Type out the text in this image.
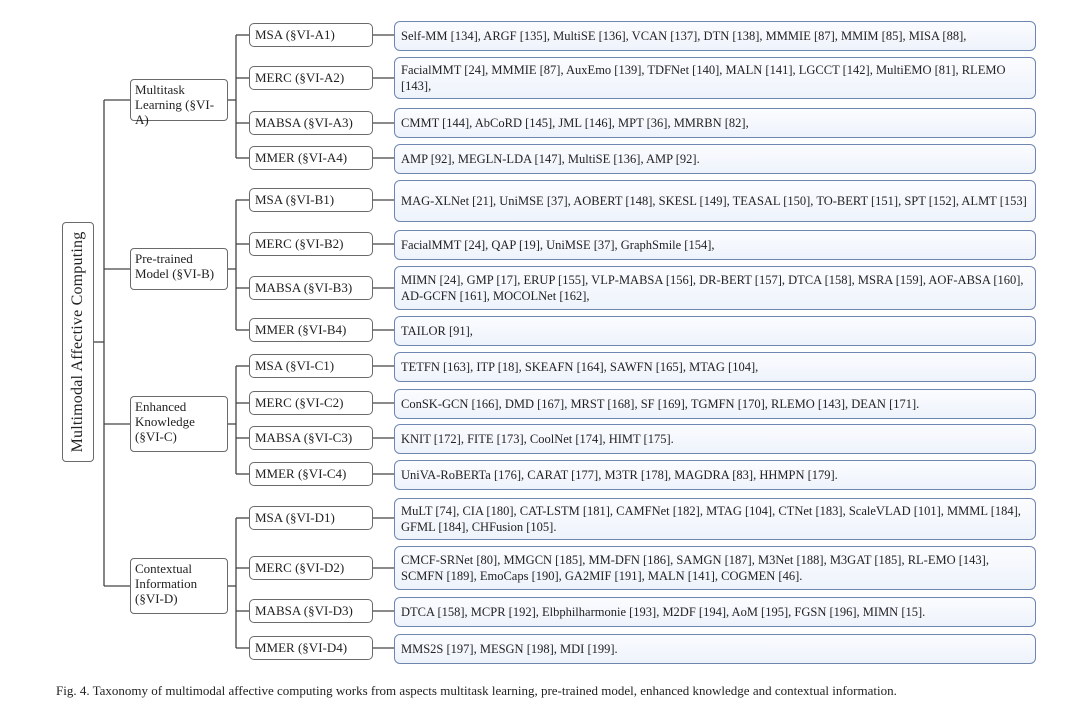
Multimodal Affective Computing
Multitask Learning (§VI-A)
MSA (§VI-A1)	Self-MM [134], ARGF [135], MultiSE [136], VCAN [137], DTN [138], MMMIE [87], MMIM [85], MISA [88],
MERC (§VI-A2)	FacialMMT [24], MMMIE [87], AuxEmo [139], TDFNet [140], MALN [141], LGCCT [142], MultiEMO [81], RLEMO [143],
MABSA (§VI-A3)	CMMT [144], AbCoRD [145], JML [146], MPT [36], MMRBN [82],
MMER (§VI-A4)	AMP [92], MEGLN-LDA [147], MultiSE [136], AMP [92].
Pre-trained Model (§VI-B)
MSA (§VI-B1)	MAG-XLNet [21], UniMSE [37], AOBERT [148], SKESL [149], TEASAL [150], TO-BERT [151], SPT [152], ALMT [153]
MERC (§VI-B2)	FacialMMT [24], QAP [19], UniMSE [37], GraphSmile [154],
MABSA (§VI-B3)	MIMN [24], GMP [17], ERUP [155], VLP-MABSA [156], DR-BERT [157], DTCA [158], MSRA [159], AOF-ABSA [160], AD-GCFN [161], MOCOLNet [162],
MMER (§VI-B4)	TAILOR [91],
Enhanced Knowledge (§VI-C)
MSA (§VI-C1)	TETFN [163], ITP [18], SKEAFN [164], SAWFN [165], MTAG [104],
MERC (§VI-C2)	ConSK-GCN [166], DMD [167], MRST [168], SF [169], TGMFN [170], RLEMO [143], DEAN [171].
MABSA (§VI-C3)	KNIT [172], FITE [173], CoolNet [174], HIMT [175].
MMER (§VI-C4)	UniVA-RoBERTa [176], CARAT [177], M3TR [178], MAGDRA [83], HHMPN [179].
Contextual Information (§VI-D)
MSA (§VI-D1)	MuLT [74], CIA [180], CAT-LSTM [181], CAMFNet [182], MTAG [104], CTNet [183], ScaleVLAD [101], MMML [184], GFML [184], CHFusion [105].
MERC (§VI-D2)	CMCF-SRNet [80], MMGCN [185], MM-DFN [186], SAMGN [187], M3Net [188], M3GAT [185], RL-EMO [143], SCMFN [189], EmoCaps [190], GA2MIF [191], MALN [141], COGMEN [46].
MABSA (§VI-D3)	DTCA [158], MCPR [192], Elbphilharmonie [193], M2DF [194], AoM [195], FGSN [196], MIMN [15].
MMER (§VI-D4)	MMS2S [197], MESGN [198], MDI [199].
Fig. 4. Taxonomy of multimodal affective computing works from aspects multitask learning, pre-trained model, enhanced knowledge and contextual information.
